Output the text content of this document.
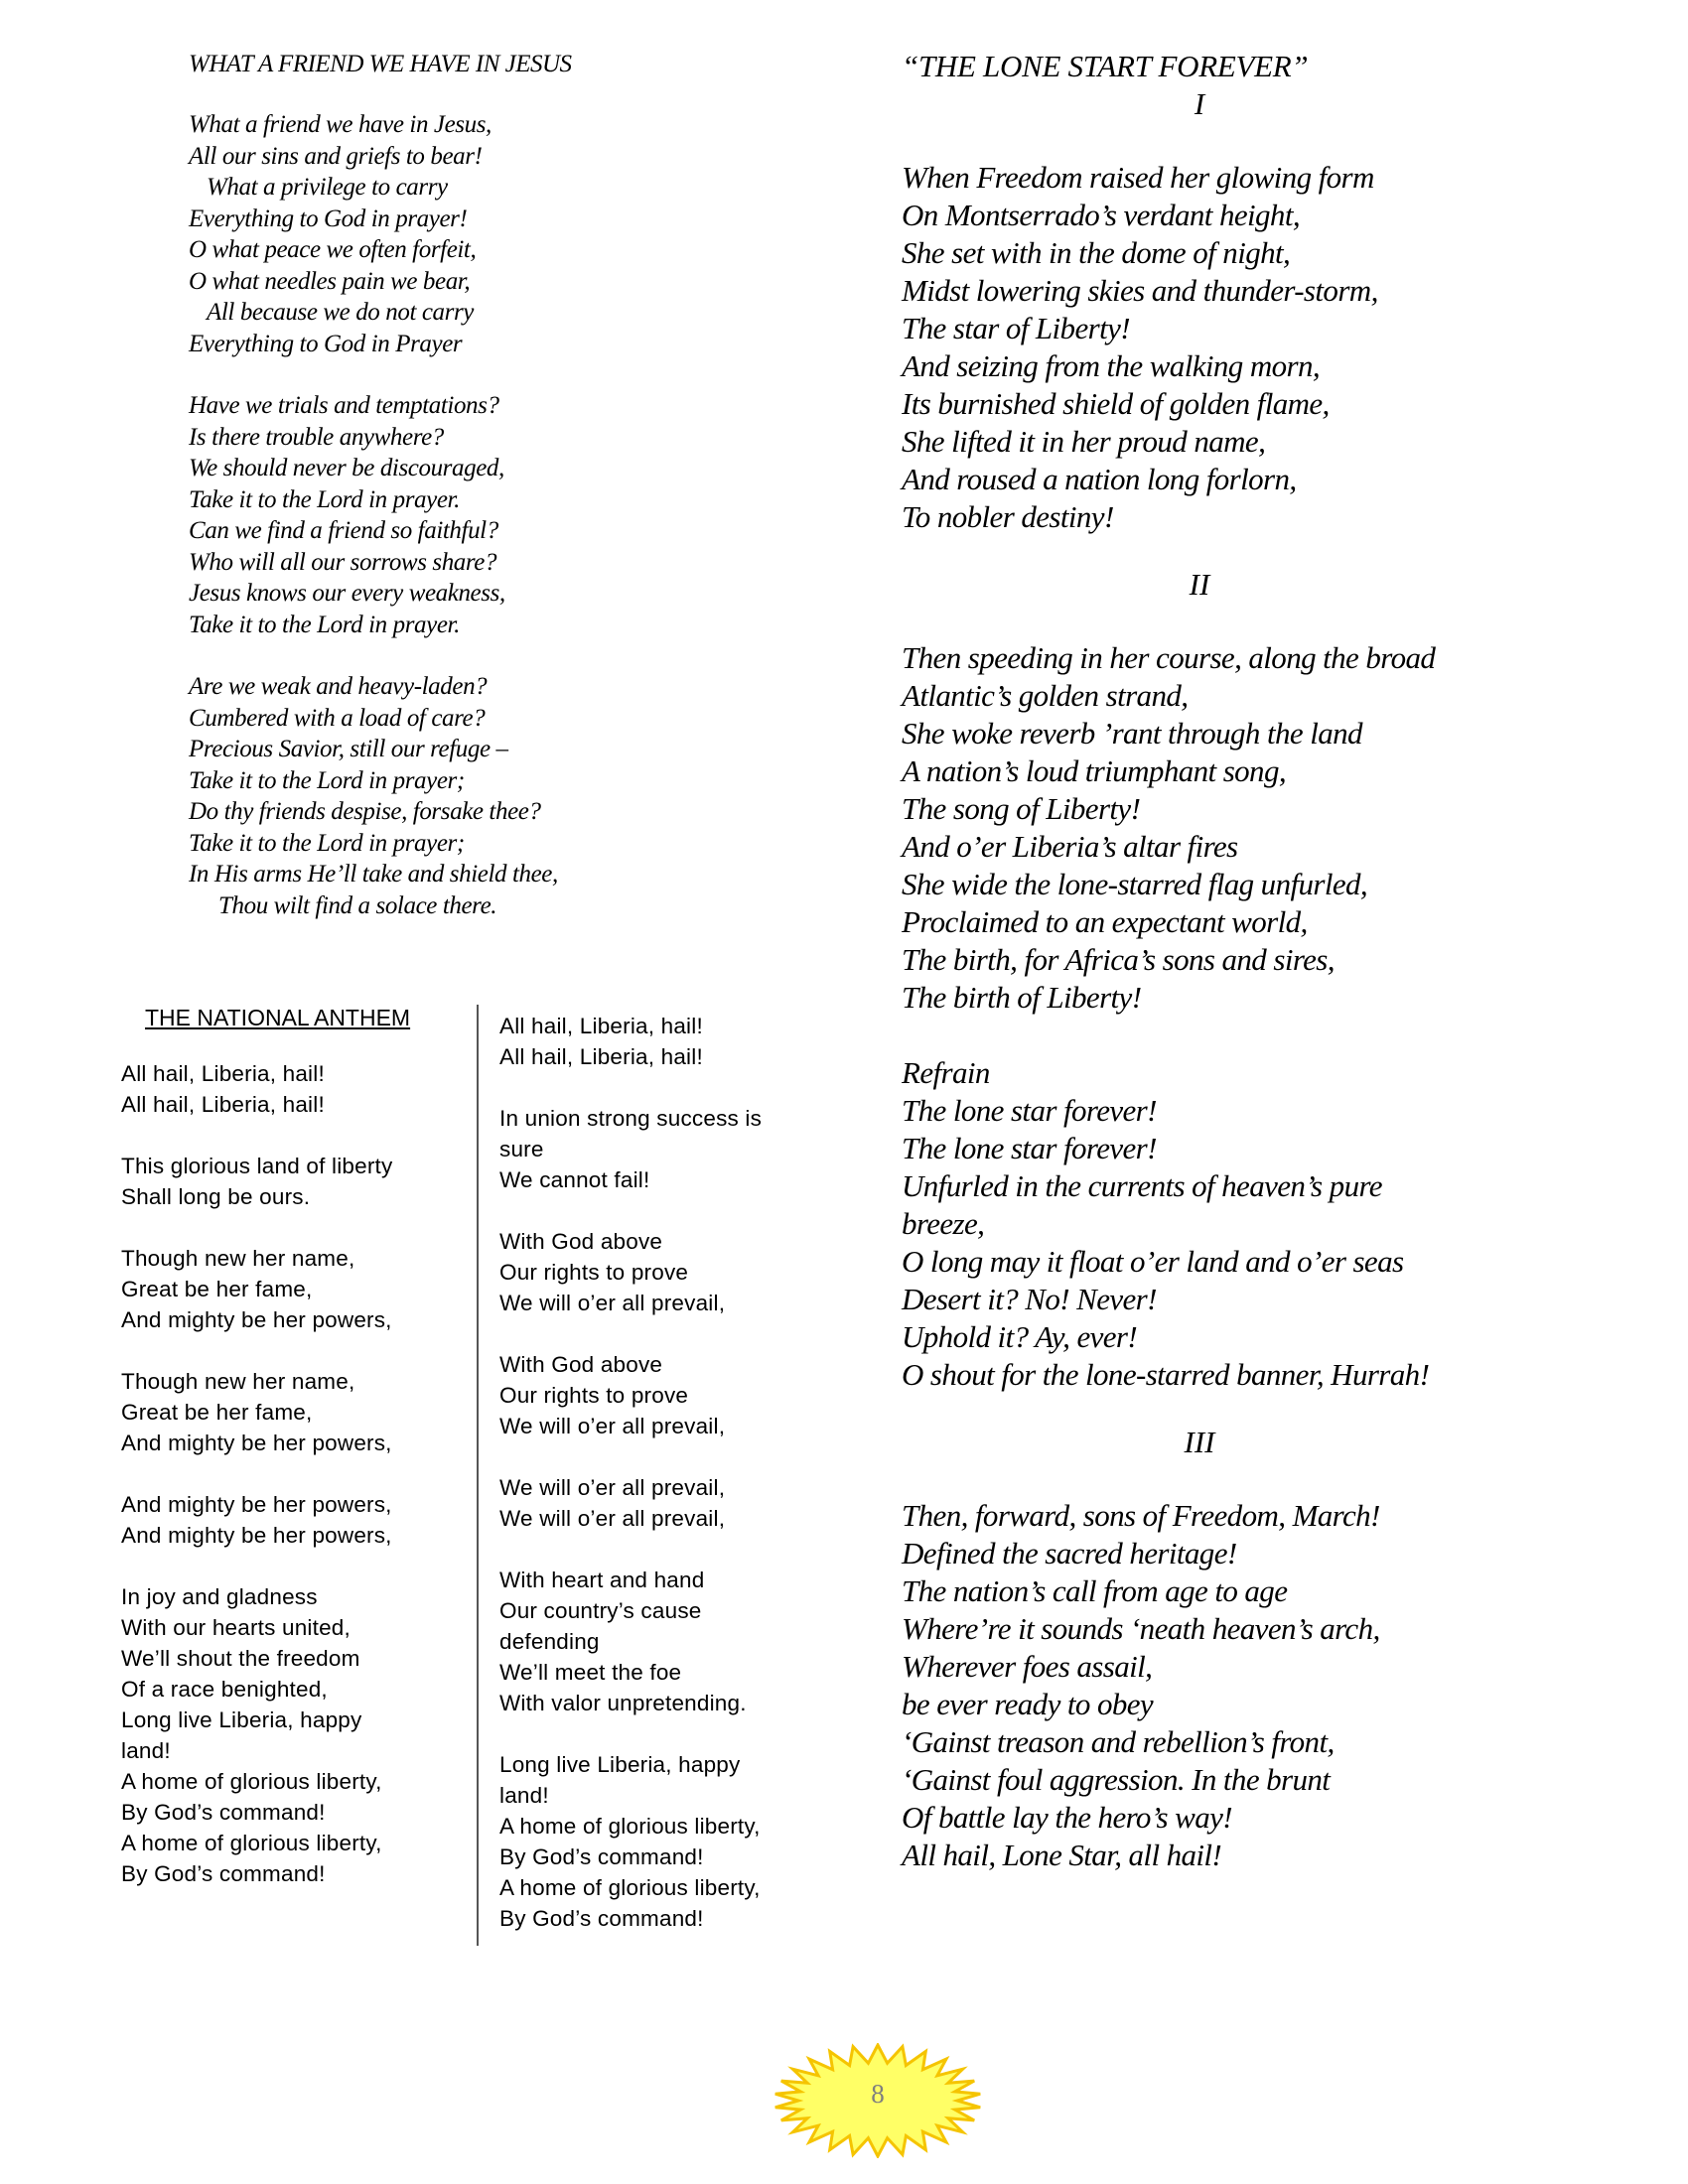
WHAT A FRIEND WE HAVE IN JESUS
What a friend we have in Jesus,
All our sins and griefs to bear!
What a privilege to carry
Everything to God in prayer!
O what peace we often forfeit,
O what needles pain we bear,
All because we do not carry
Everything to God in Prayer
Have we trials and temptations?
Is there trouble anywhere?
We should never be discouraged,
Take it to the Lord in prayer.
Can we find a friend so faithful?
Who will all our sorrows share?
Jesus knows our every weakness,
Take it to the Lord in prayer.
Are we weak and heavy-laden?
Cumbered with a load of care?
Precious Savior, still our refuge –
Take it to the Lord in prayer;
Do thy friends despise, forsake thee?
Take it to the Lord in prayer;
In His arms He’ll take and shield thee,
Thou wilt find a solace there.
THE NATIONAL ANTHEM
All hail, Liberia, hail!
All hail, Liberia, hail!
This glorious land of liberty
Shall long be ours.
Though new her name,
Great be her fame,
And mighty be her powers,
Though new her name,
Great be her fame,
And mighty be her powers,
And mighty be her powers,
And mighty be her powers,
In joy and gladness
With our hearts united,
We’ll shout the freedom
Of a race benighted,
Long live Liberia, happy
land!
A home of glorious liberty,
By God’s command!
A home of glorious liberty,
By God’s command!
All hail, Liberia, hail!
All hail, Liberia, hail!
In union strong success is
sure
We cannot fail!
With God above
Our rights to prove
We will o’er all prevail,
With God above
Our rights to prove
We will o’er all prevail,
We will o’er all prevail,
We will o’er all prevail,
With heart and hand
Our country’s cause
defending
We’ll meet the foe
With valor unpretending.
Long live Liberia, happy
land!
A home of glorious liberty,
By God’s command!
A home of glorious liberty,
By God’s command!
“THE LONE START FOREVER”
I
When Freedom raised her glowing form
On Montserrado’s verdant height,
She set with in the dome of night,
Midst lowering skies and thunder-storm,
The star of Liberty!
And seizing from the walking morn,
Its burnished shield of golden flame,
She lifted it in her proud name,
And roused a nation long forlorn,
To nobler destiny!
II
Then speeding in her course, along the broad
Atlantic’s golden strand,
She woke reverb ’rant through the land
A nation’s loud triumphant song,
The song of Liberty!
And o’er Liberia’s altar fires
She wide the lone-starred flag unfurled,
Proclaimed to an expectant world,
The birth, for Africa’s sons and sires,
The birth of Liberty!
Refrain
The lone star forever!
The lone star forever!
Unfurled in the currents of heaven’s pure
breeze,
O long may it float o’er land and o’er seas
Desert it? No! Never!
Uphold it? Ay, ever!
O shout for the lone-starred banner, Hurrah!
III
Then, forward, sons of Freedom, March!
Defined the sacred heritage!
The nation’s call from age to age
Where’re it sounds ‘neath heaven’s arch,
Wherever foes assail,
be ever ready to obey
‘Gainst treason and rebellion’s front,
‘Gainst foul aggression. In the brunt
Of battle lay the hero’s way!
All hail, Lone Star, all hail!
8
